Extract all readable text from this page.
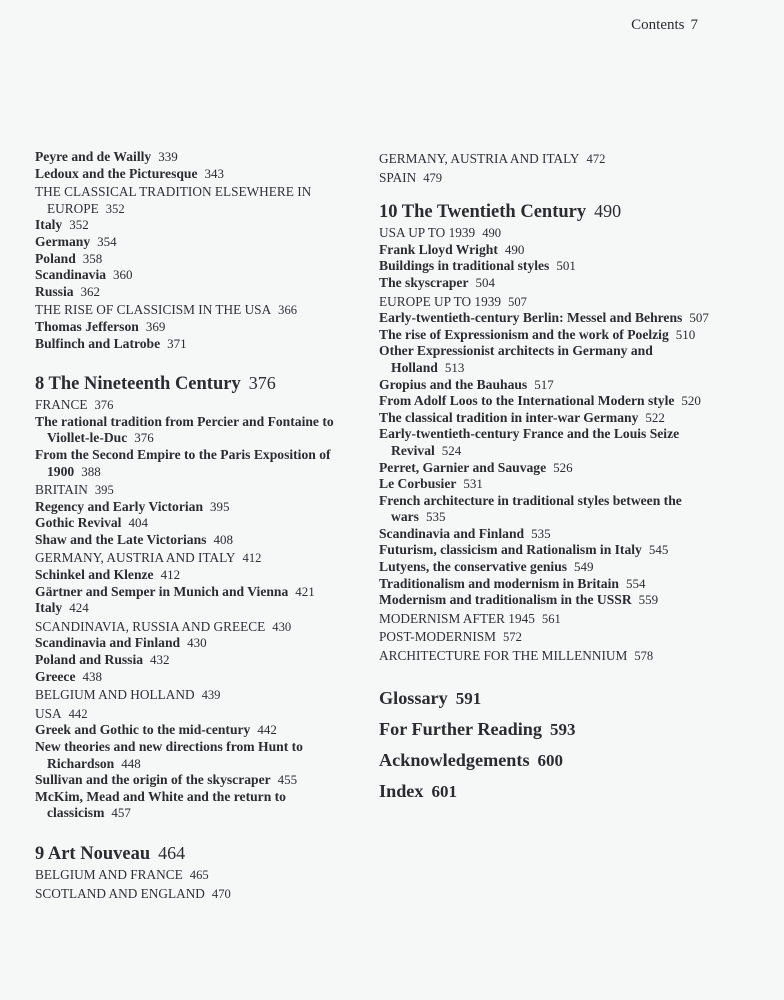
Contents 7
Peyre and de Wailly 339
Ledoux and the Picturesque 343
THE CLASSICAL TRADITION ELSEWHERE IN EUROPE 352
Italy 352
Germany 354
Poland 358
Scandinavia 360
Russia 362
THE RISE OF CLASSICISM IN THE USA 366
Thomas Jefferson 369
Bulfinch and Latrobe 371
8 The Nineteenth Century 376
FRANCE 376
The rational tradition from Percier and Fontaine to Viollet-le-Duc 376
From the Second Empire to the Paris Exposition of 1900 388
BRITAIN 395
Regency and Early Victorian 395
Gothic Revival 404
Shaw and the Late Victorians 408
GERMANY, AUSTRIA AND ITALY 412
Schinkel and Klenze 412
Gärtner and Semper in Munich and Vienna 421
Italy 424
SCANDINAVIA, RUSSIA AND GREECE 430
Scandinavia and Finland 430
Poland and Russia 432
Greece 438
BELGIUM AND HOLLAND 439
USA 442
Greek and Gothic to the mid-century 442
New theories and new directions from Hunt to Richardson 448
Sullivan and the origin of the skyscraper 455
McKim, Mead and White and the return to classicism 457
9 Art Nouveau 464
BELGIUM AND FRANCE 465
SCOTLAND AND ENGLAND 470
GERMANY, AUSTRIA AND ITALY 472
SPAIN 479
10 The Twentieth Century 490
USA UP TO 1939 490
Frank Lloyd Wright 490
Buildings in traditional styles 501
The skyscraper 504
EUROPE UP TO 1939 507
Early-twentieth-century Berlin: Messel and Behrens 507
The rise of Expressionism and the work of Poelzig 510
Other Expressionist architects in Germany and Holland 513
Gropius and the Bauhaus 517
From Adolf Loos to the International Modern style 520
The classical tradition in inter-war Germany 522
Early-twentieth-century France and the Louis Seize Revival 524
Perret, Garnier and Sauvage 526
Le Corbusier 531
French architecture in traditional styles between the wars 535
Scandinavia and Finland 535
Futurism, classicism and Rationalism in Italy 545
Lutyens, the conservative genius 549
Traditionalism and modernism in Britain 554
Modernism and traditionalism in the USSR 559
MODERNISM AFTER 1945 561
POST-MODERNISM 572
ARCHITECTURE FOR THE MILLENNIUM 578
Glossary 591
For Further Reading 593
Acknowledgements 600
Index 601
